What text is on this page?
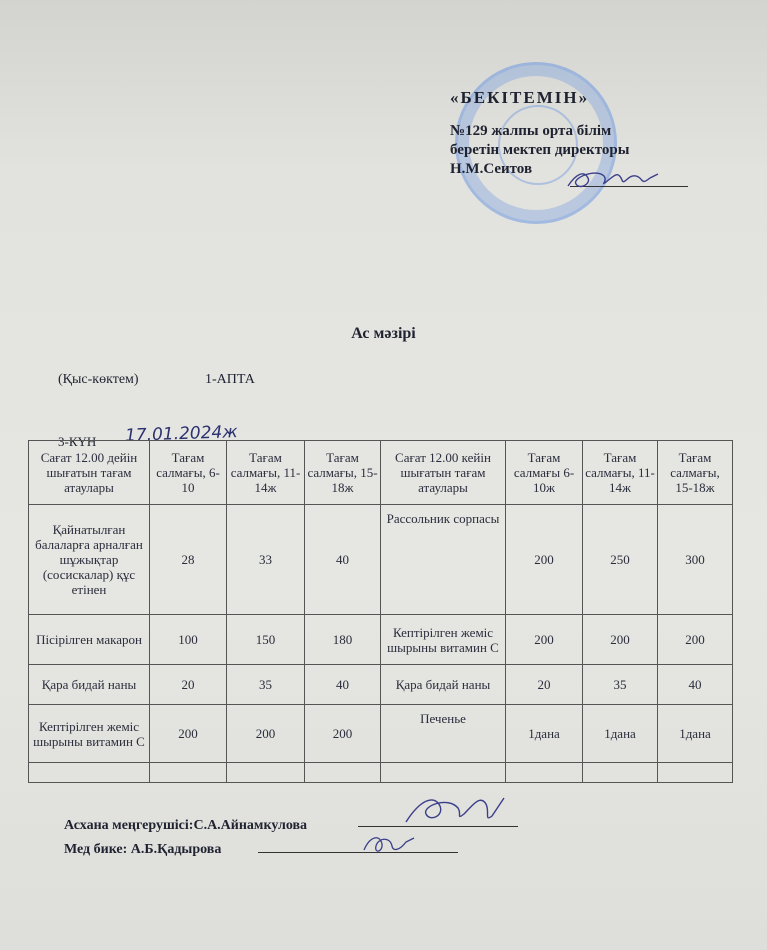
«БЕКІТЕМІН»
№129 жалпы орта білім
беретін мектеп директоры
Н.М.Сеитов
Ас мәзірі
(Қыс-көктем)	1-АПТА
3-КҮН 17.01.2024ж
Сағат 12.00 дейін шығатын тағам атаулары	Тағам салмағы, 6-10	Тағам салмағы, 11-14ж	Тағам салмағы, 15-18ж	Сағат 12.00 кейін шығатын тағам атаулары	Тағам салмағы 6-10ж	Тағам салмағы, 11-14ж	Тағам салмағы, 15-18ж
Қайнатылған балаларға арналған шұжықтар (сосискалар) құс етінен	28	33	40	Рассольник сорпасы	200	250	300
Пісірілген макарон	100	150	180	Кептірілген жеміс шырыны витамин С	200	200	200
Қара бидай наны	20	35	40	Қара бидай наны	20	35	40
Кептірілген жеміс шырыны витамин С	200	200	200	Печенье	1дана	1дана	1дана

Асхана меңгерушісі:С.А.Айнамкулова
Мед бике: А.Б.Қадырова
